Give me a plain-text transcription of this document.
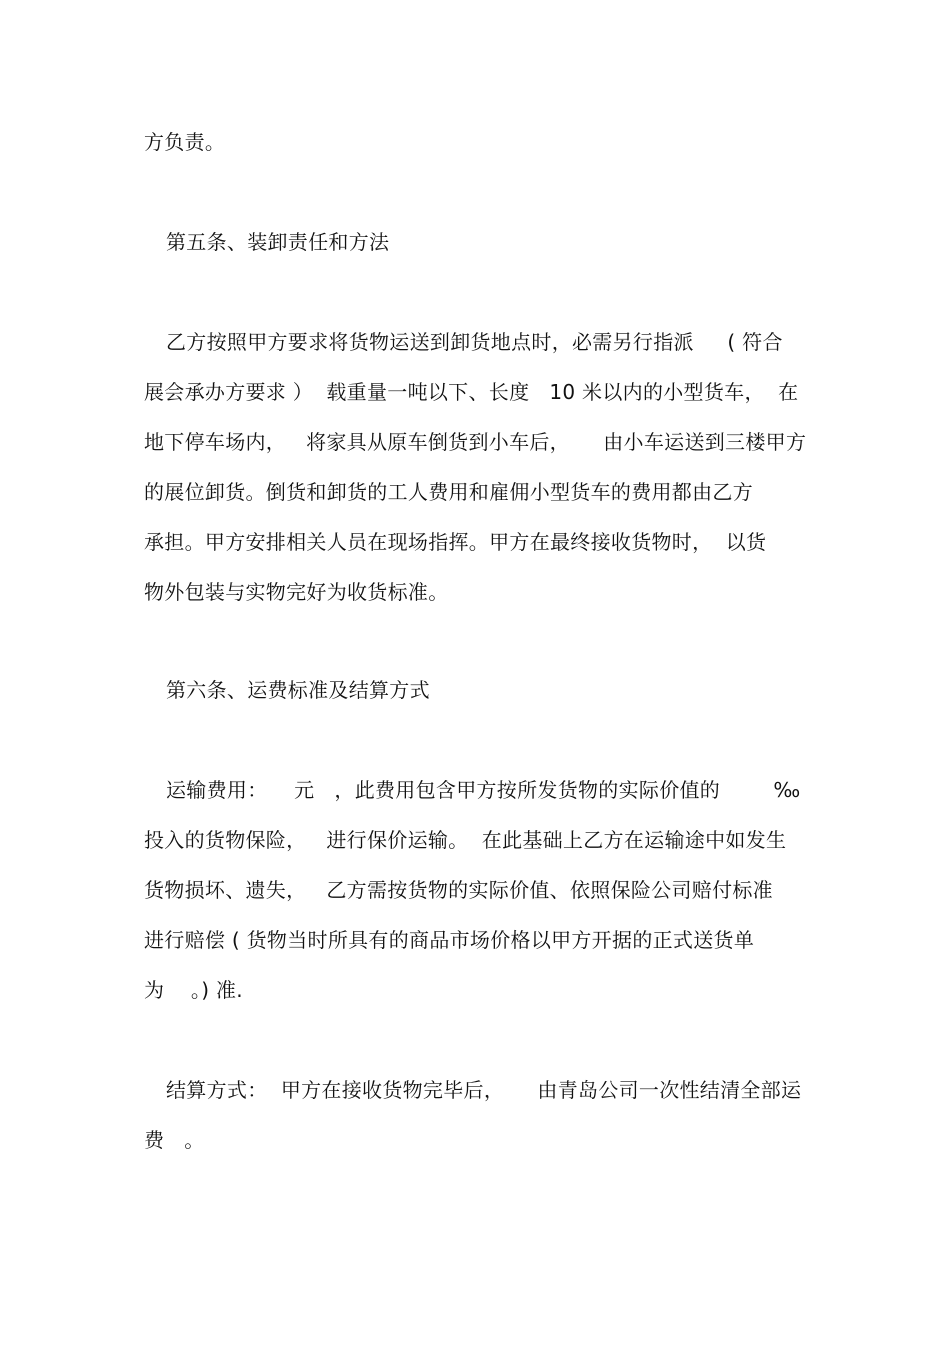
方负责。
第五条、装卸责任和方法
乙方按照甲方要求将货物运送到卸货地点时，必需另行指派　  ( 符合
展会承办方要求 ）  载重量一吨以下、长度   10 米以内的小型货车，  在
地下停车场内，   将家具从原车倒货到小车后，     由小车运送到三楼甲方
的展位卸货。倒货和卸货的工人费用和雇佣小型货车的费用都由乙方
承担。甲方安排相关人员在现场指挥。甲方在最终接收货物时，  以货
物外包装与实物完好为收货标准。
第六条、运费标准及结算方式
运输费用：    元   ，此费用包含甲方按所发货物的实际价值的        ‰
投入的货物保险，   进行保价运输。  在此基础上乙方在运输途中如发生
货物损坏、遗失，   乙方需按货物的实际价值、依照保险公司赔付标准
进行赔偿 ( 货物当时所具有的商品市场价格以甲方开据的正式送货单
为    。) 准.
结算方式：  甲方在接收货物完毕后，     由青岛公司一次性结清全部运
费   。
